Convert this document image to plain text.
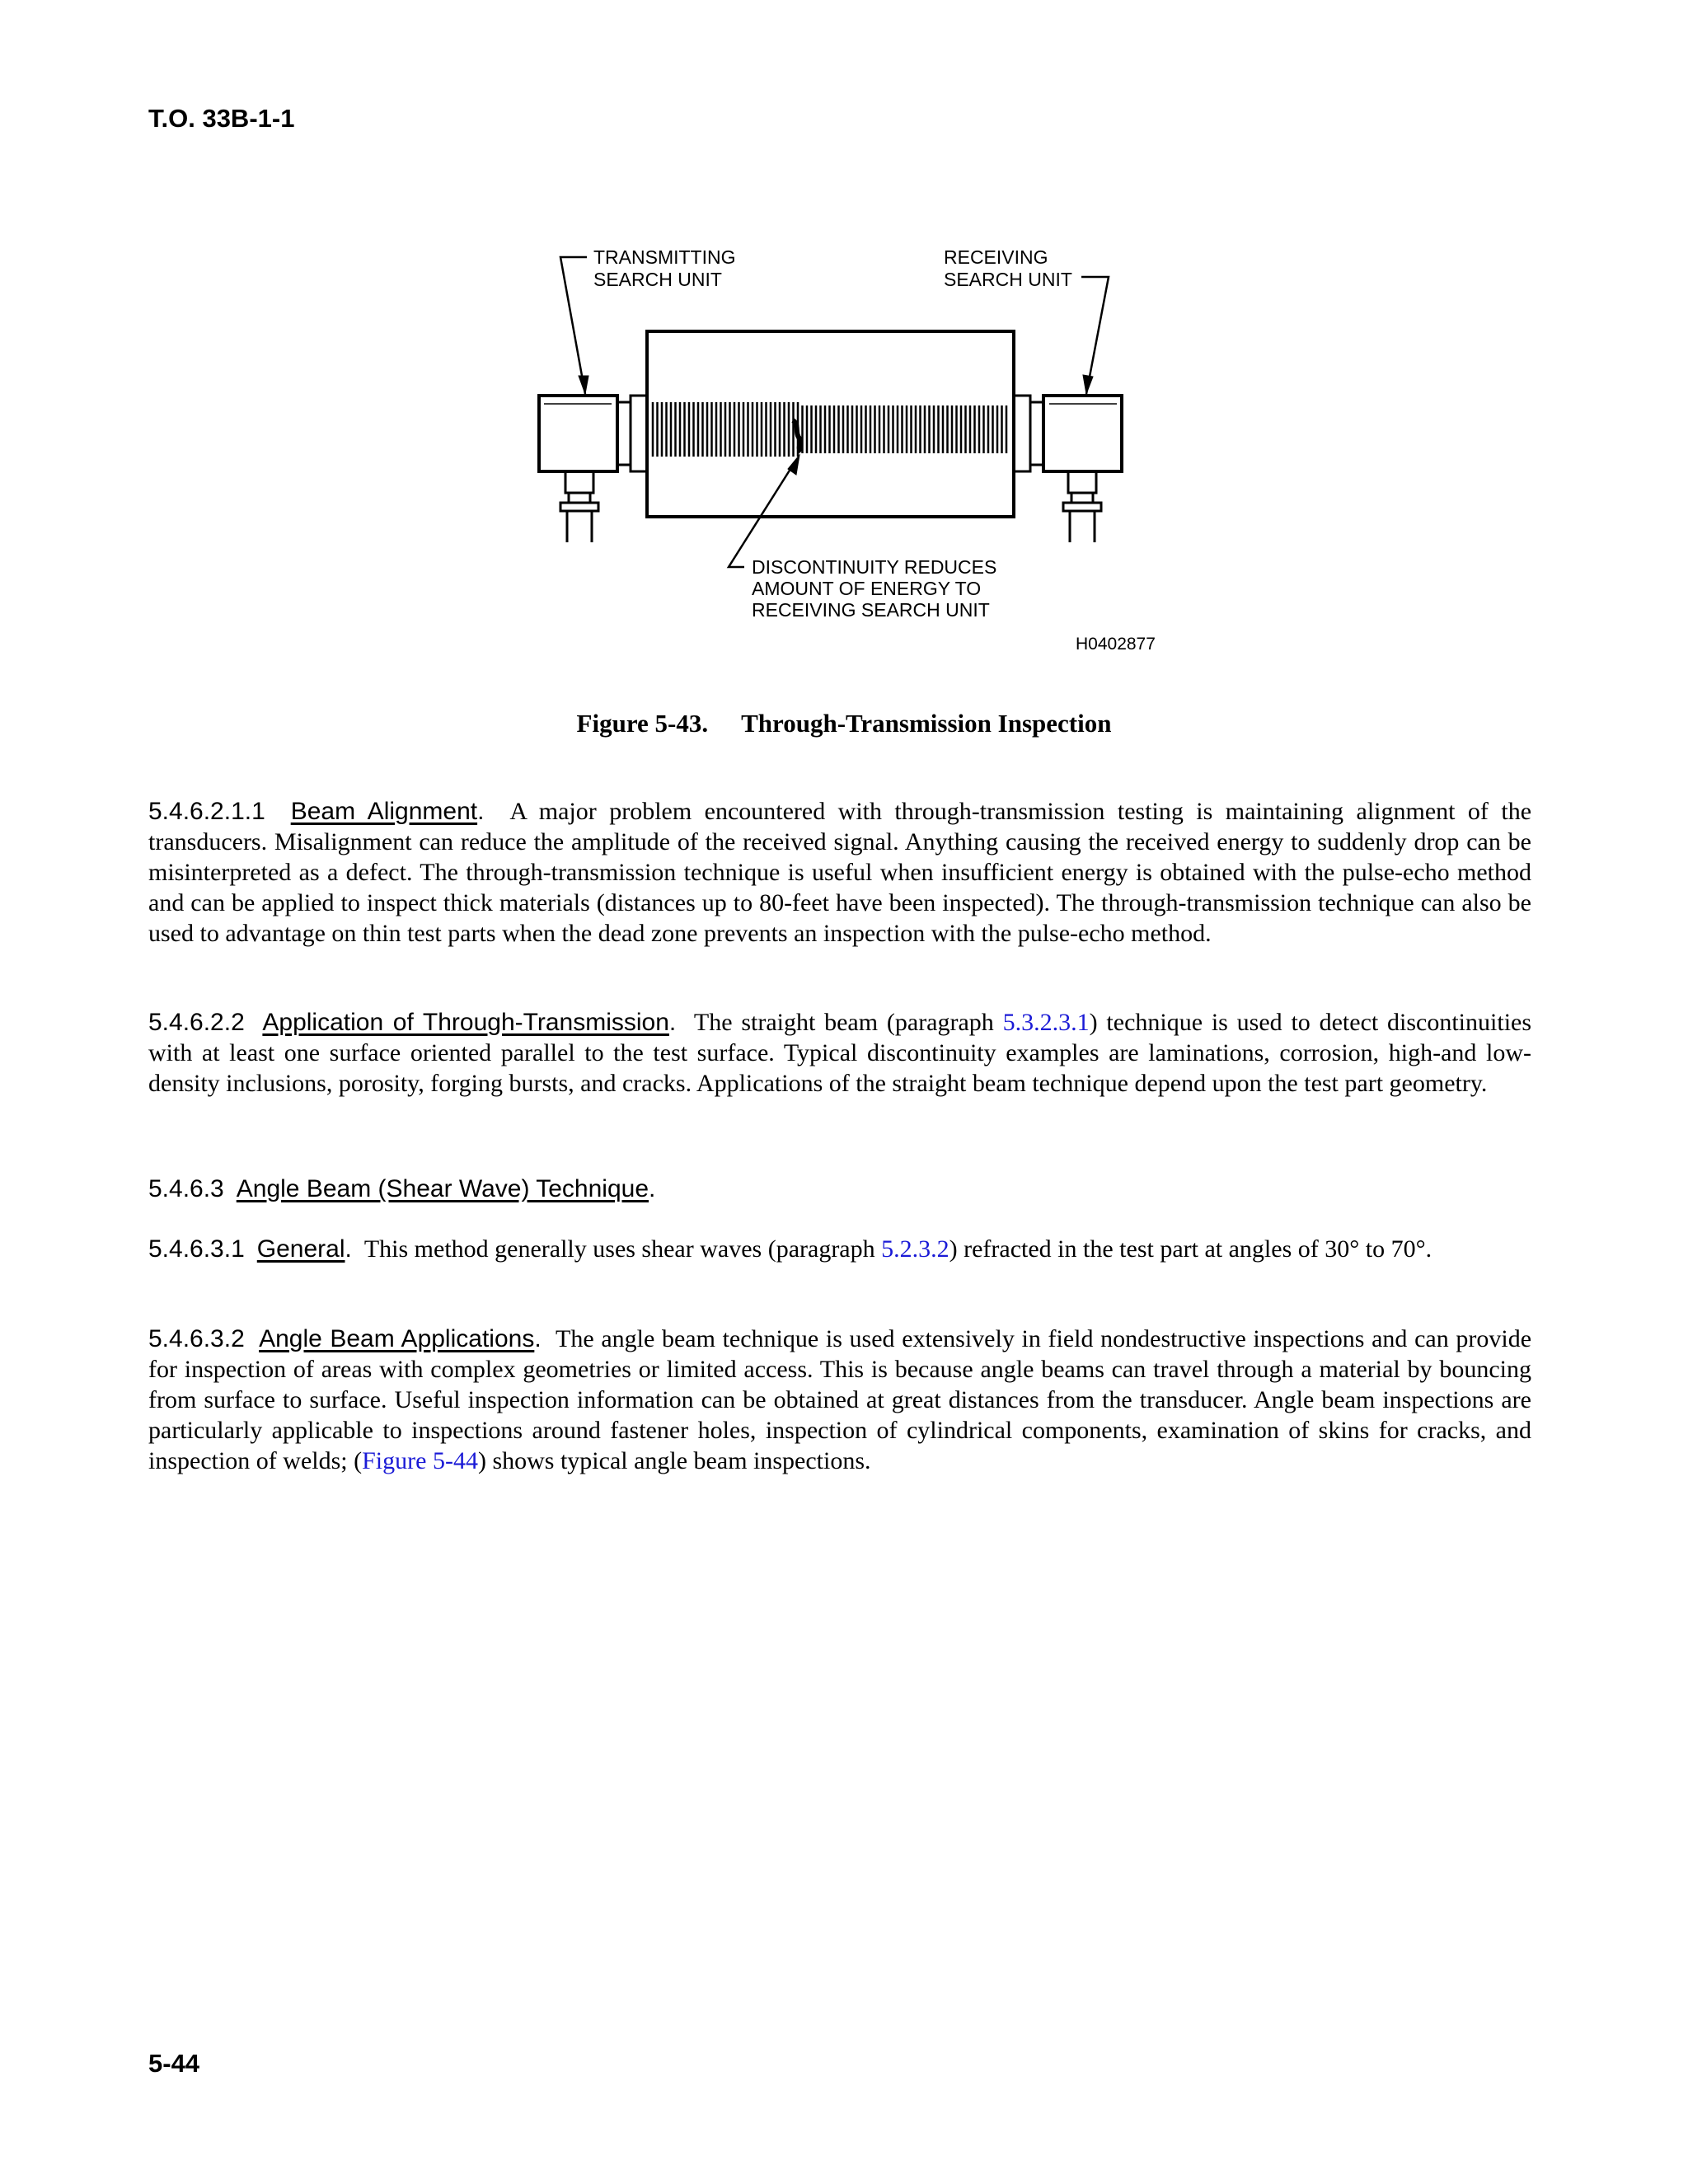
T.O. 33B-1-1
TRANSMITTING
SEARCH UNIT
RECEIVING
SEARCH UNIT
DISCONTINUITY REDUCES
AMOUNT OF ENERGY TO
RECEIVING SEARCH UNIT
H0402877
Figure 5-43. Through-Transmission Inspection
5.4.6.2.1.1 Beam Alignment. A major problem encountered with through-transmission testing is maintaining alignment of the transducers. Misalignment can reduce the amplitude of the received signal. Anything causing the received energy to suddenly drop can be misinterpreted as a defect. The through-transmission technique is useful when insufficient energy is obtained with the pulse-echo method and can be applied to inspect thick materials (distances up to 80-feet have been inspected). The through-transmission technique can also be used to advantage on thin test parts when the dead zone prevents an inspection with the pulse-echo method.
5.4.6.2.2 Application of Through-Transmission. The straight beam (paragraph 5.3.2.3.1) technique is used to detect discontinuities with at least one surface oriented parallel to the test surface. Typical discontinuity examples are laminations, corrosion, high-and low-density inclusions, porosity, forging bursts, and cracks. Applications of the straight beam technique depend upon the test part geometry.
5.4.6.3 Angle Beam (Shear Wave) Technique.
5.4.6.3.1 General. This method generally uses shear waves (paragraph 5.2.3.2) refracted in the test part at angles of 30° to 70°.
5.4.6.3.2 Angle Beam Applications. The angle beam technique is used extensively in field nondestructive inspections and can provide for inspection of areas with complex geometries or limited access. This is because angle beams can travel through a material by bouncing from surface to surface. Useful inspection information can be obtained at great distances from the transducer. Angle beam inspections are particularly applicable to inspections around fastener holes, inspection of cylindrical components, examination of skins for cracks, and inspection of welds; (Figure 5-44) shows typical angle beam inspections.
5-44
